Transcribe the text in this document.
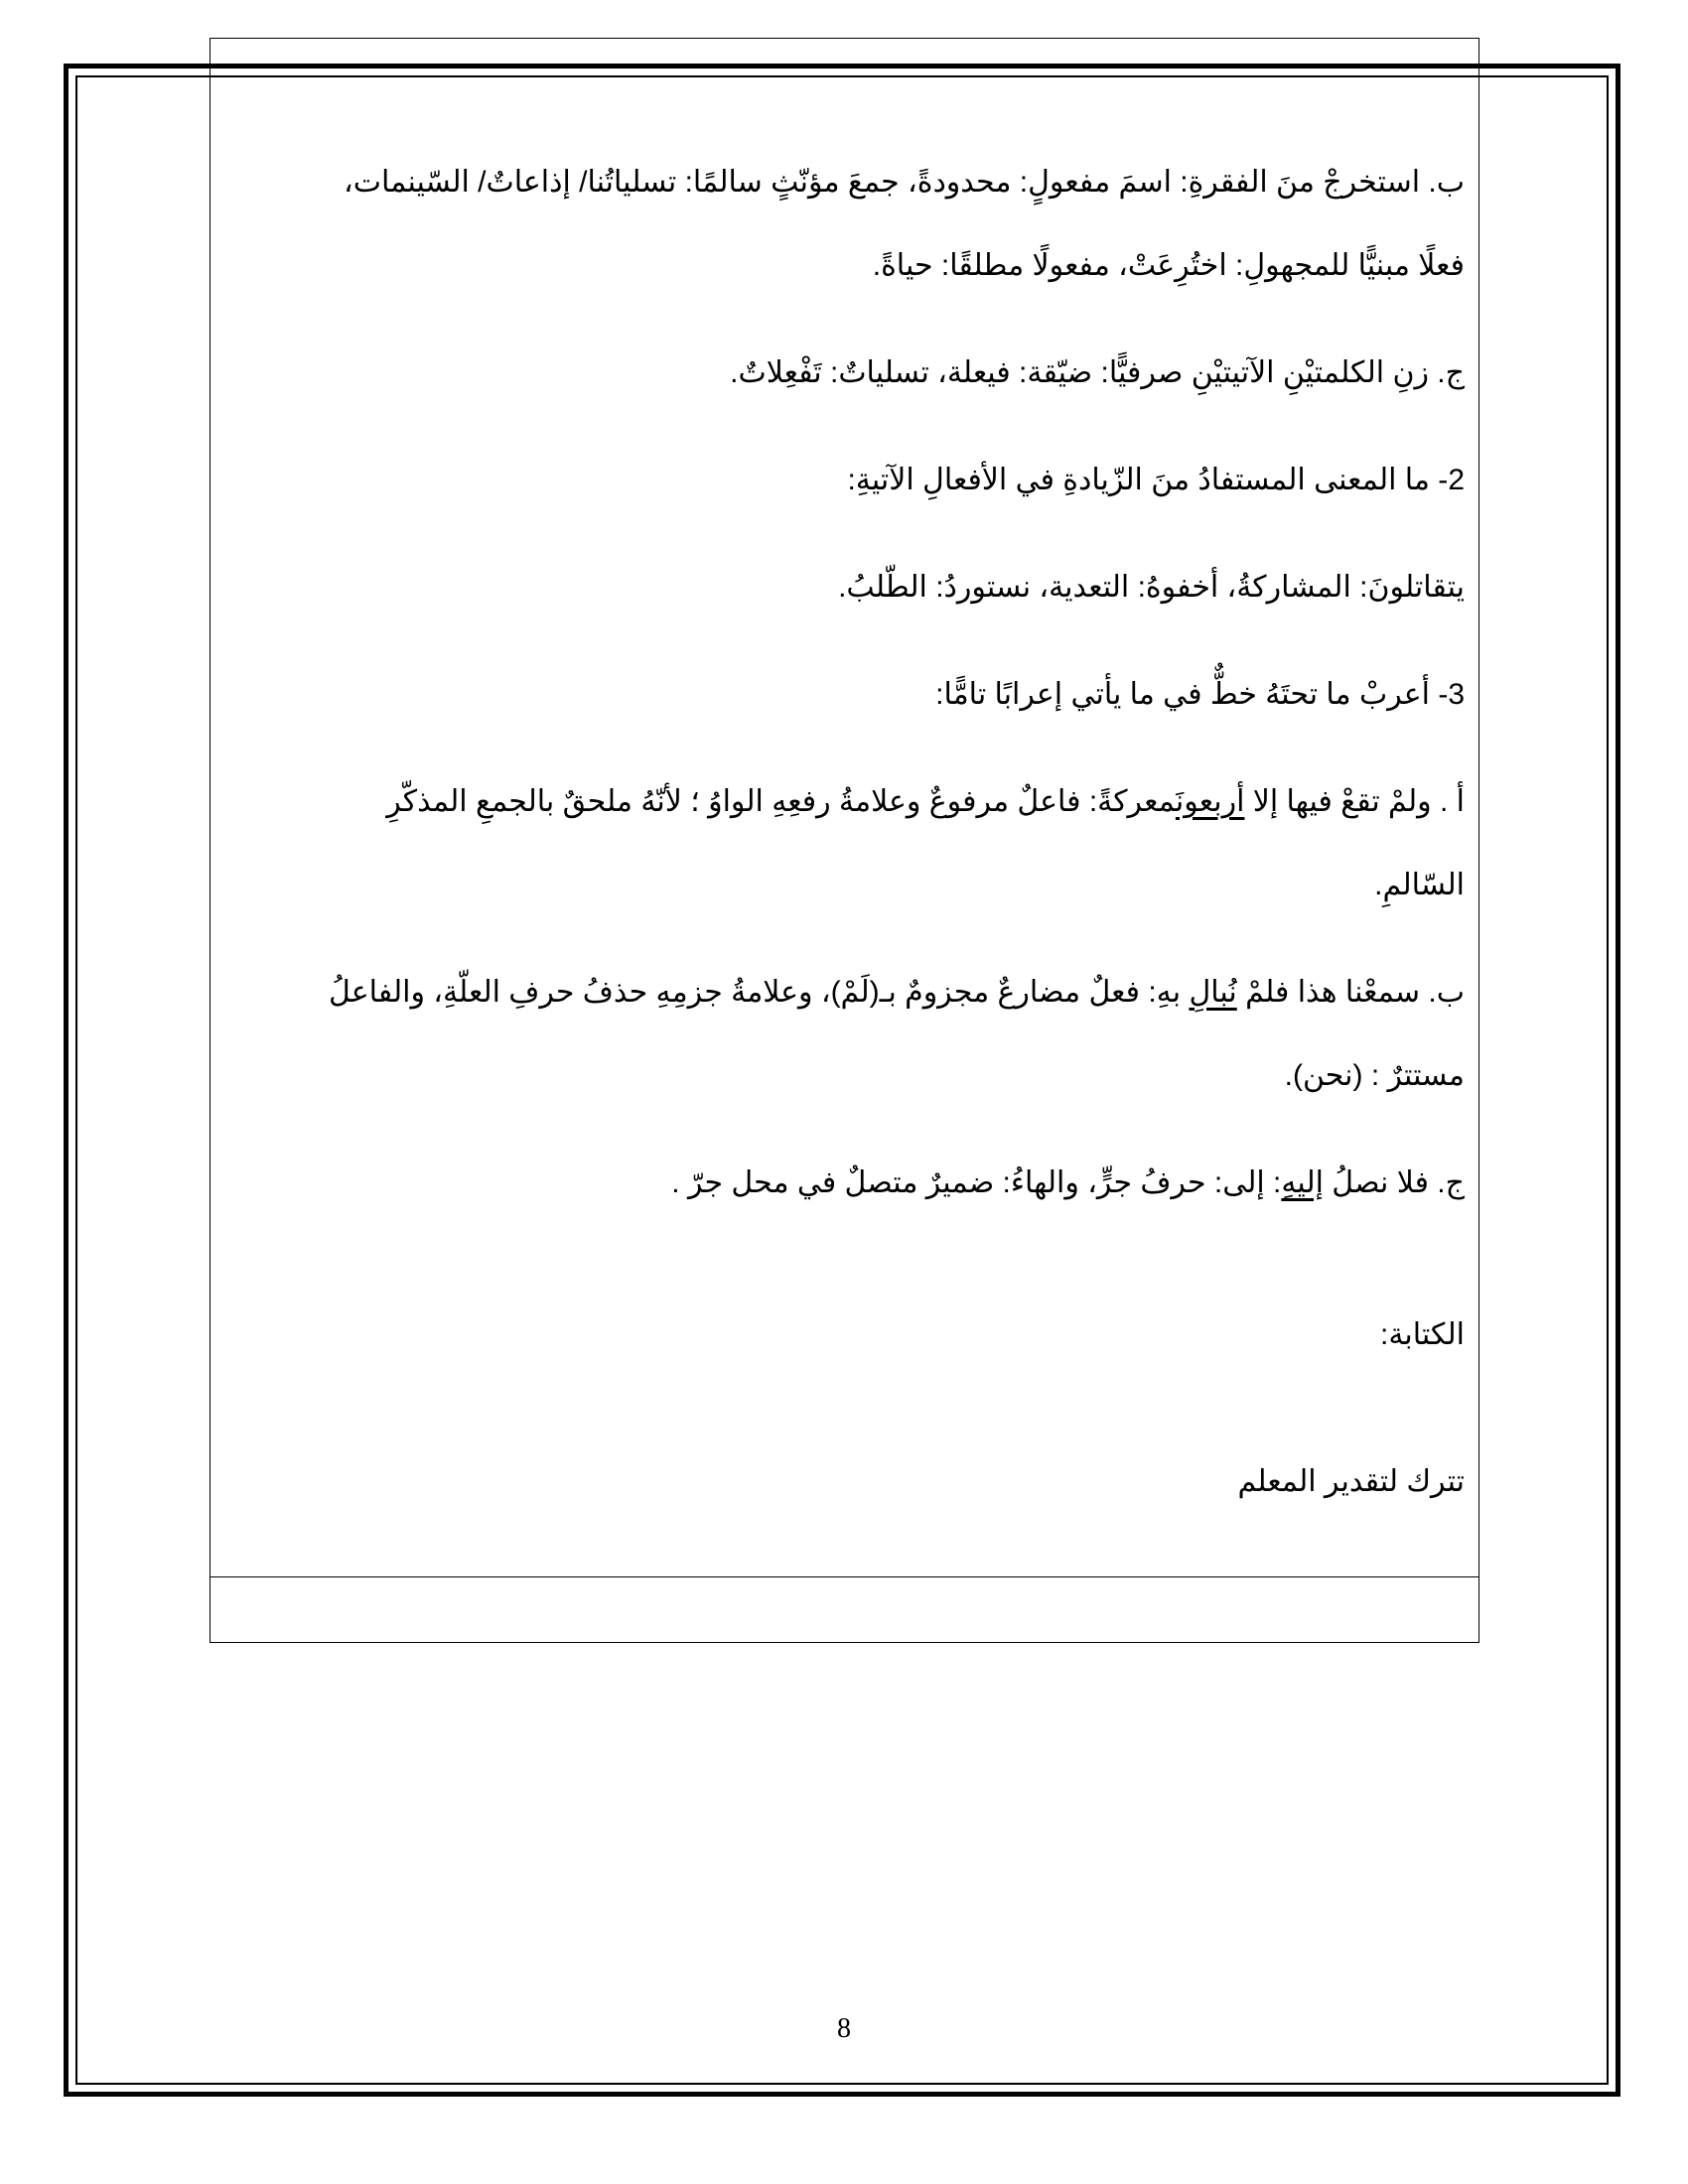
ب. استخرجْ منَ الفقرةِ: اسمَ مفعولٍ: محدودةً، جمعَ مؤنّثٍ سالمًا: تسلياتُنا/ إذاعاتٌ/ السّينمات،

فعلًا مبنيًّا للمجهولِ: اختُرِعَتْ، مفعولًا مطلقًا: حياةً.

ج. زنِ الكلمتيْنِ الآتيتيْنِ صرفيًّا: ضيّقة: فيعلة، تسلياتٌ: تَفْعِلاتٌ.

2- ما المعنى المستفادُ منَ الزّيادةِ في الأفعالِ الآتيةِ:

يتقاتلونَ: المشاركةُ، أخفوهُ: التعدية، نستوردُ: الطّلبُ.

3- أعربْ ما تحتَهُ خطٌّ في ما يأتي إعرابًا تامًّا:

أ . ولمْ تقعْ فيها إلا أربعونَمعركةً: فاعلٌ مرفوعٌ وعلامةُ رفعِهِ الواوُ ؛ لأنّهُ ملحقٌ بالجمعِ المذكّرِ

السّالمِ.

ب. سمعْنا هذا فلمْ نُبالِ بهِ: فعلٌ مضارعٌ مجزومٌ بـ(لَمْ)، وعلامةُ جزمِهِ حذفُ حرفِ العلّةِ، والفاعلُ

مستترٌ : (نحن).

ج. فلا نصلُ إليهِ: إلى: حرفُ جرٍّ، والهاءُ: ضميرٌ متصلٌ في محل جرّ .

الكتابة:

تترك لتقدير المعلم

8
